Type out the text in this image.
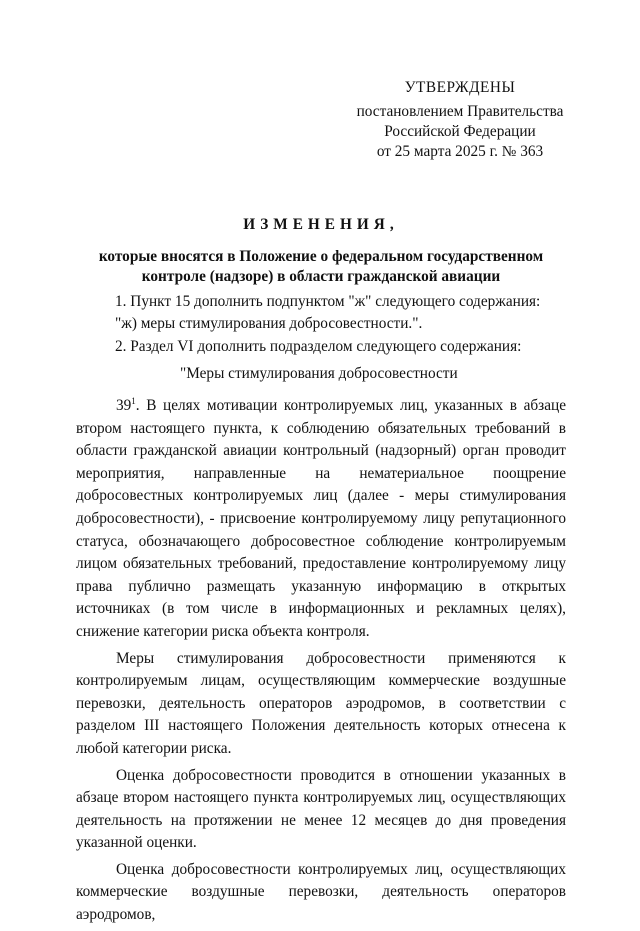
УТВЕРЖДЕНЫ
постановлением Правительства
Российской Федерации
от 25 марта 2025 г. № 363
ИЗМЕНЕНИЯ,
которые вносятся в Положение о федеральном государственном
контроле (надзоре) в области гражданской авиации
1. Пункт 15 дополнить подпунктом "ж" следующего содержания:
"ж) меры стимулирования добросовестности.".
2. Раздел VI дополнить подразделом следующего содержания:
"Меры стимулирования добросовестности

$39^1$. В целях мотивации контролируемых лиц, указанных в абзаце втором настоящего пункта, к соблюдению обязательных требований в области гражданской авиации контрольный (надзорный) орган проводит мероприятия, направленные на нематериальное поощрение добросовестных контролируемых лиц (далее - меры стимулирования добросовестности), - присвоение контролируемому лицу репутационного статуса, обозначающего добросовестное соблюдение контролируемым лицом обязательных требований, предоставление контролируемому лицу права публично размещать указанную информацию в открытых источниках (в том числе в информационных и рекламных целях), снижение категории риска объекта контроля.

Меры стимулирования добросовестности применяются к контролируемым лицам, осуществляющим коммерческие воздушные перевозки, деятельность операторов аэродромов, в соответствии с разделом III настоящего Положения деятельность которых отнесена к любой категории риска.

Оценка добросовестности проводится в отношении указанных в абзаце втором настоящего пункта контролируемых лиц, осуществляющих деятельность на протяжении не менее 12 месяцев до дня проведения указанной оценки.

Оценка добросовестности контролируемых лиц, осуществляющих коммерческие воздушные перевозки, деятельность операторов аэродромов,
